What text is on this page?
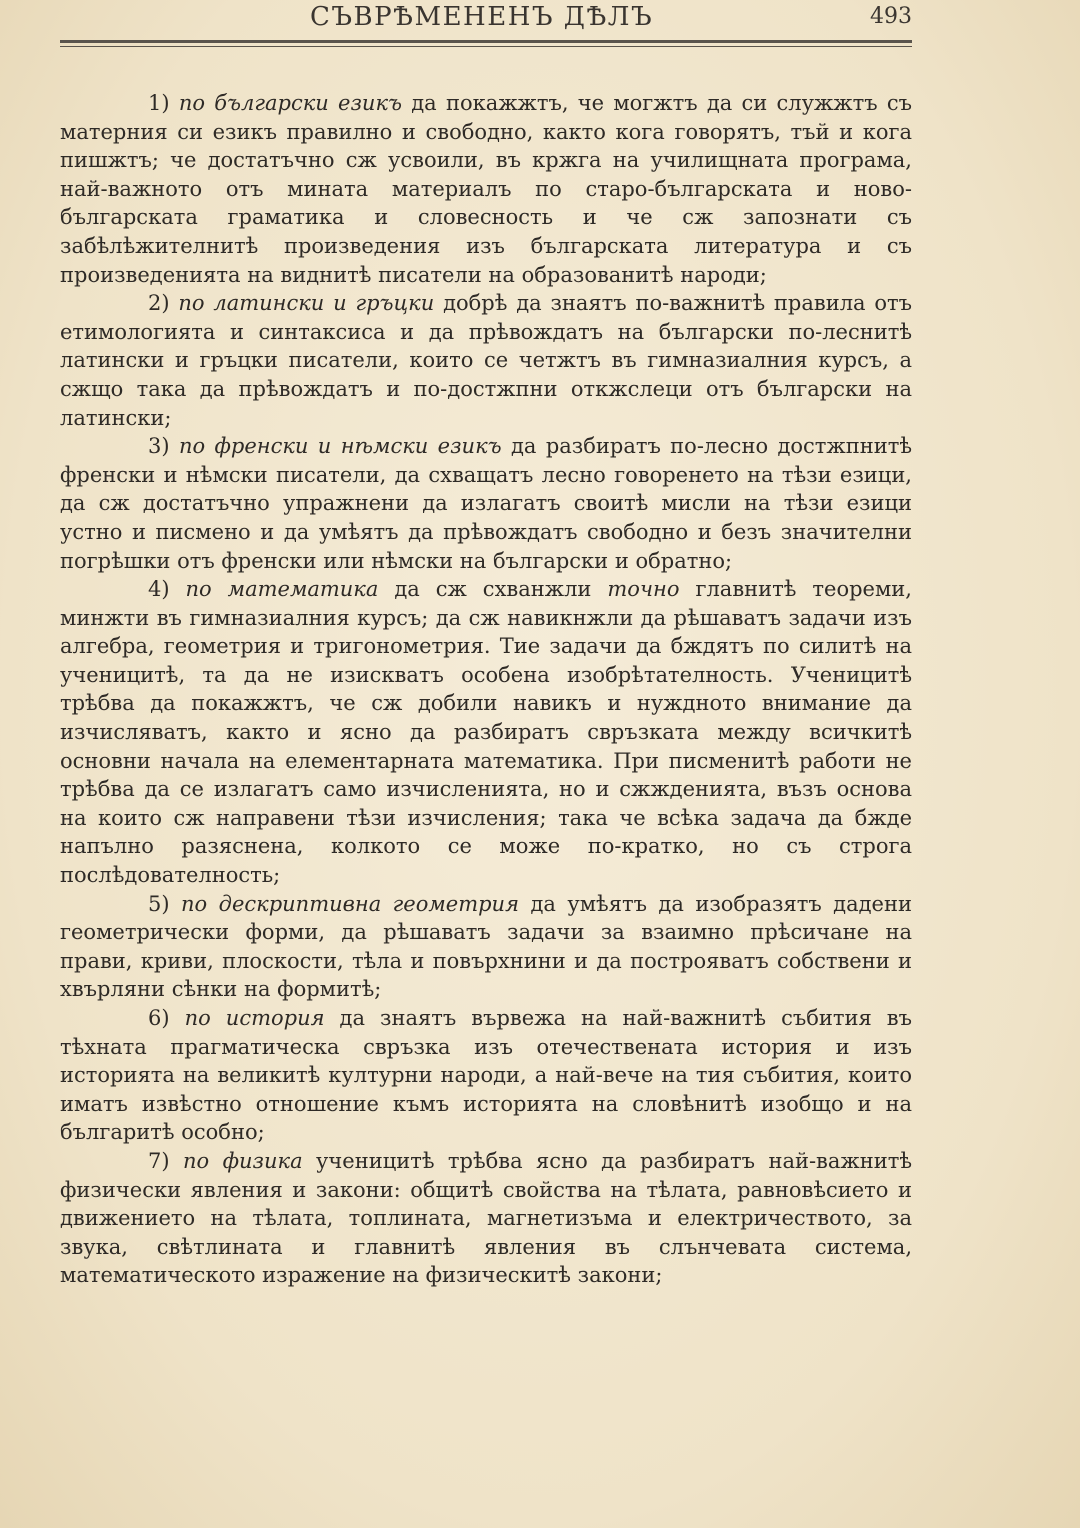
СЪВРѢМЕНЕНЪ ДѢЛЪ	493

1) по български езикъ да покажжтъ, че могжтъ да си служжтъ съ матерния си езикъ правилно и свободно, както кога говорятъ, тъй и кога пишжтъ; че достатъчно сж усвоили, въ кржга на училищната програма, най-важното отъ мината материалъ по старо-българската и ново-българската граматика и словесность и че сж запознати съ забѣлѣжителнитѣ произведения изъ българската литература и съ произведенията на виднитѣ писатели на образованитѣ народи;

2) по латински и гръцки добрѣ да знаятъ по-важнитѣ правила отъ етимологията и синтаксиса и да прѣвождатъ на български по-леснитѣ латински и гръцки писатели, които се четжтъ въ гимназиалния курсъ, а сжщо така да прѣвождатъ и по-достжпни откжслеци отъ български на латински;

3) по френски и нѣмски езикъ да разбиратъ по-лесно достжпнитѣ френски и нѣмски писатели, да схващатъ лесно говоренето на тѣзи езици, да сж достатъчно упражнени да излагатъ своитѣ мисли на тѣзи езици устно и писмено и да умѣятъ да прѣвождатъ свободно и безъ значителни погрѣшки отъ френски или нѣмски на български и обратно;

4) по математика да сж схванжли точно главнитѣ теореми, минжти въ гимназиалния курсъ; да сж навикнжли да рѣшаватъ задачи изъ алгебра, геометрия и тригонометрия. Тие задачи да бждятъ по силитѣ на ученицитѣ, та да не изискватъ особена изобрѣтателность. Ученицитѣ трѣбва да покажжтъ, че сж добили навикъ и нуждното внимание да изчисляватъ, както и ясно да разбиратъ свръзката между всичкитѣ основни начала на елементарната математика. При писменитѣ работи не трѣбва да се излагатъ само изчисленията, но и сжжденията, възъ основа на които сж направени тѣзи изчисления; така че всѣка задача да бжде напълно разяснена, колкото се може по-кратко, но съ строга послѣдователность;

5) по дескриптивна геометрия да умѣятъ да изобразятъ дадени геометрически форми, да рѣшаватъ задачи за взаимно прѣсичане на прави, криви, плоскости, тѣла и повърхнини и да построяватъ собствени и хвърляни сѣнки на формитѣ;

6) по история да знаятъ вървежа на най-важнитѣ събития въ тѣхната прагматическа свръзка изъ отечествената история и изъ историята на великитѣ културни народи, а най-вече на тия събития, които иматъ извѣстно отношение къмъ историята на словѣнитѣ изобщо и на българитѣ особно;

7) по физика ученицитѣ трѣбва ясно да разбиратъ най-важнитѣ физически явления и закони: общитѣ свойства на тѣлата, равновѣсието и движението на тѣлата, топлината, магнетизъма и електричеството, за звука, свѣтлината и главнитѣ явления въ слънчевата система, математическото изражение на физическитѣ закони;
